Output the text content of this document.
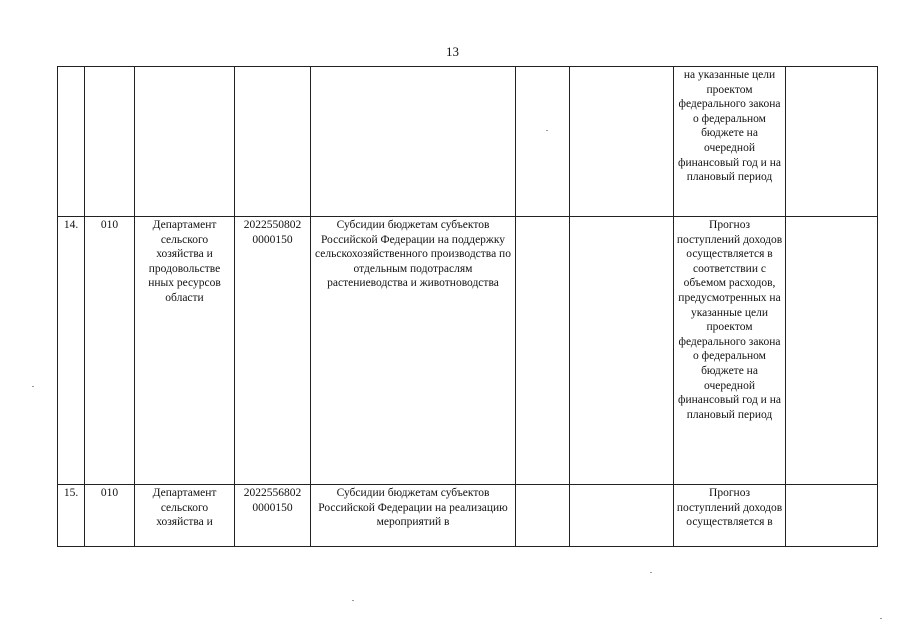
13
							на указанные цели проектом федерального закона о федеральном бюджете на очередной финансовый год и на плановый период	
14.	010	Департамент сельского хозяйства и продовольстве нных ресурсов области	2022550802 0000150	Субсидии бюджетам субъектов Российской Федерации на поддержку сельскохозяйственного производства по отдельным подотраслям растениеводства и животноводства			Прогноз поступлений доходов осуществляется в соответствии с объемом расходов, предусмотренных на указанные цели проектом федерального закона о федеральном бюджете на очередной финансовый год и на плановый период	
15.	010	Департамент сельского хозяйства и	2022556802 0000150	Субсидии бюджетам субъектов Российской Федерации на реализацию мероприятий в			Прогноз поступлений доходов осуществляется в	
